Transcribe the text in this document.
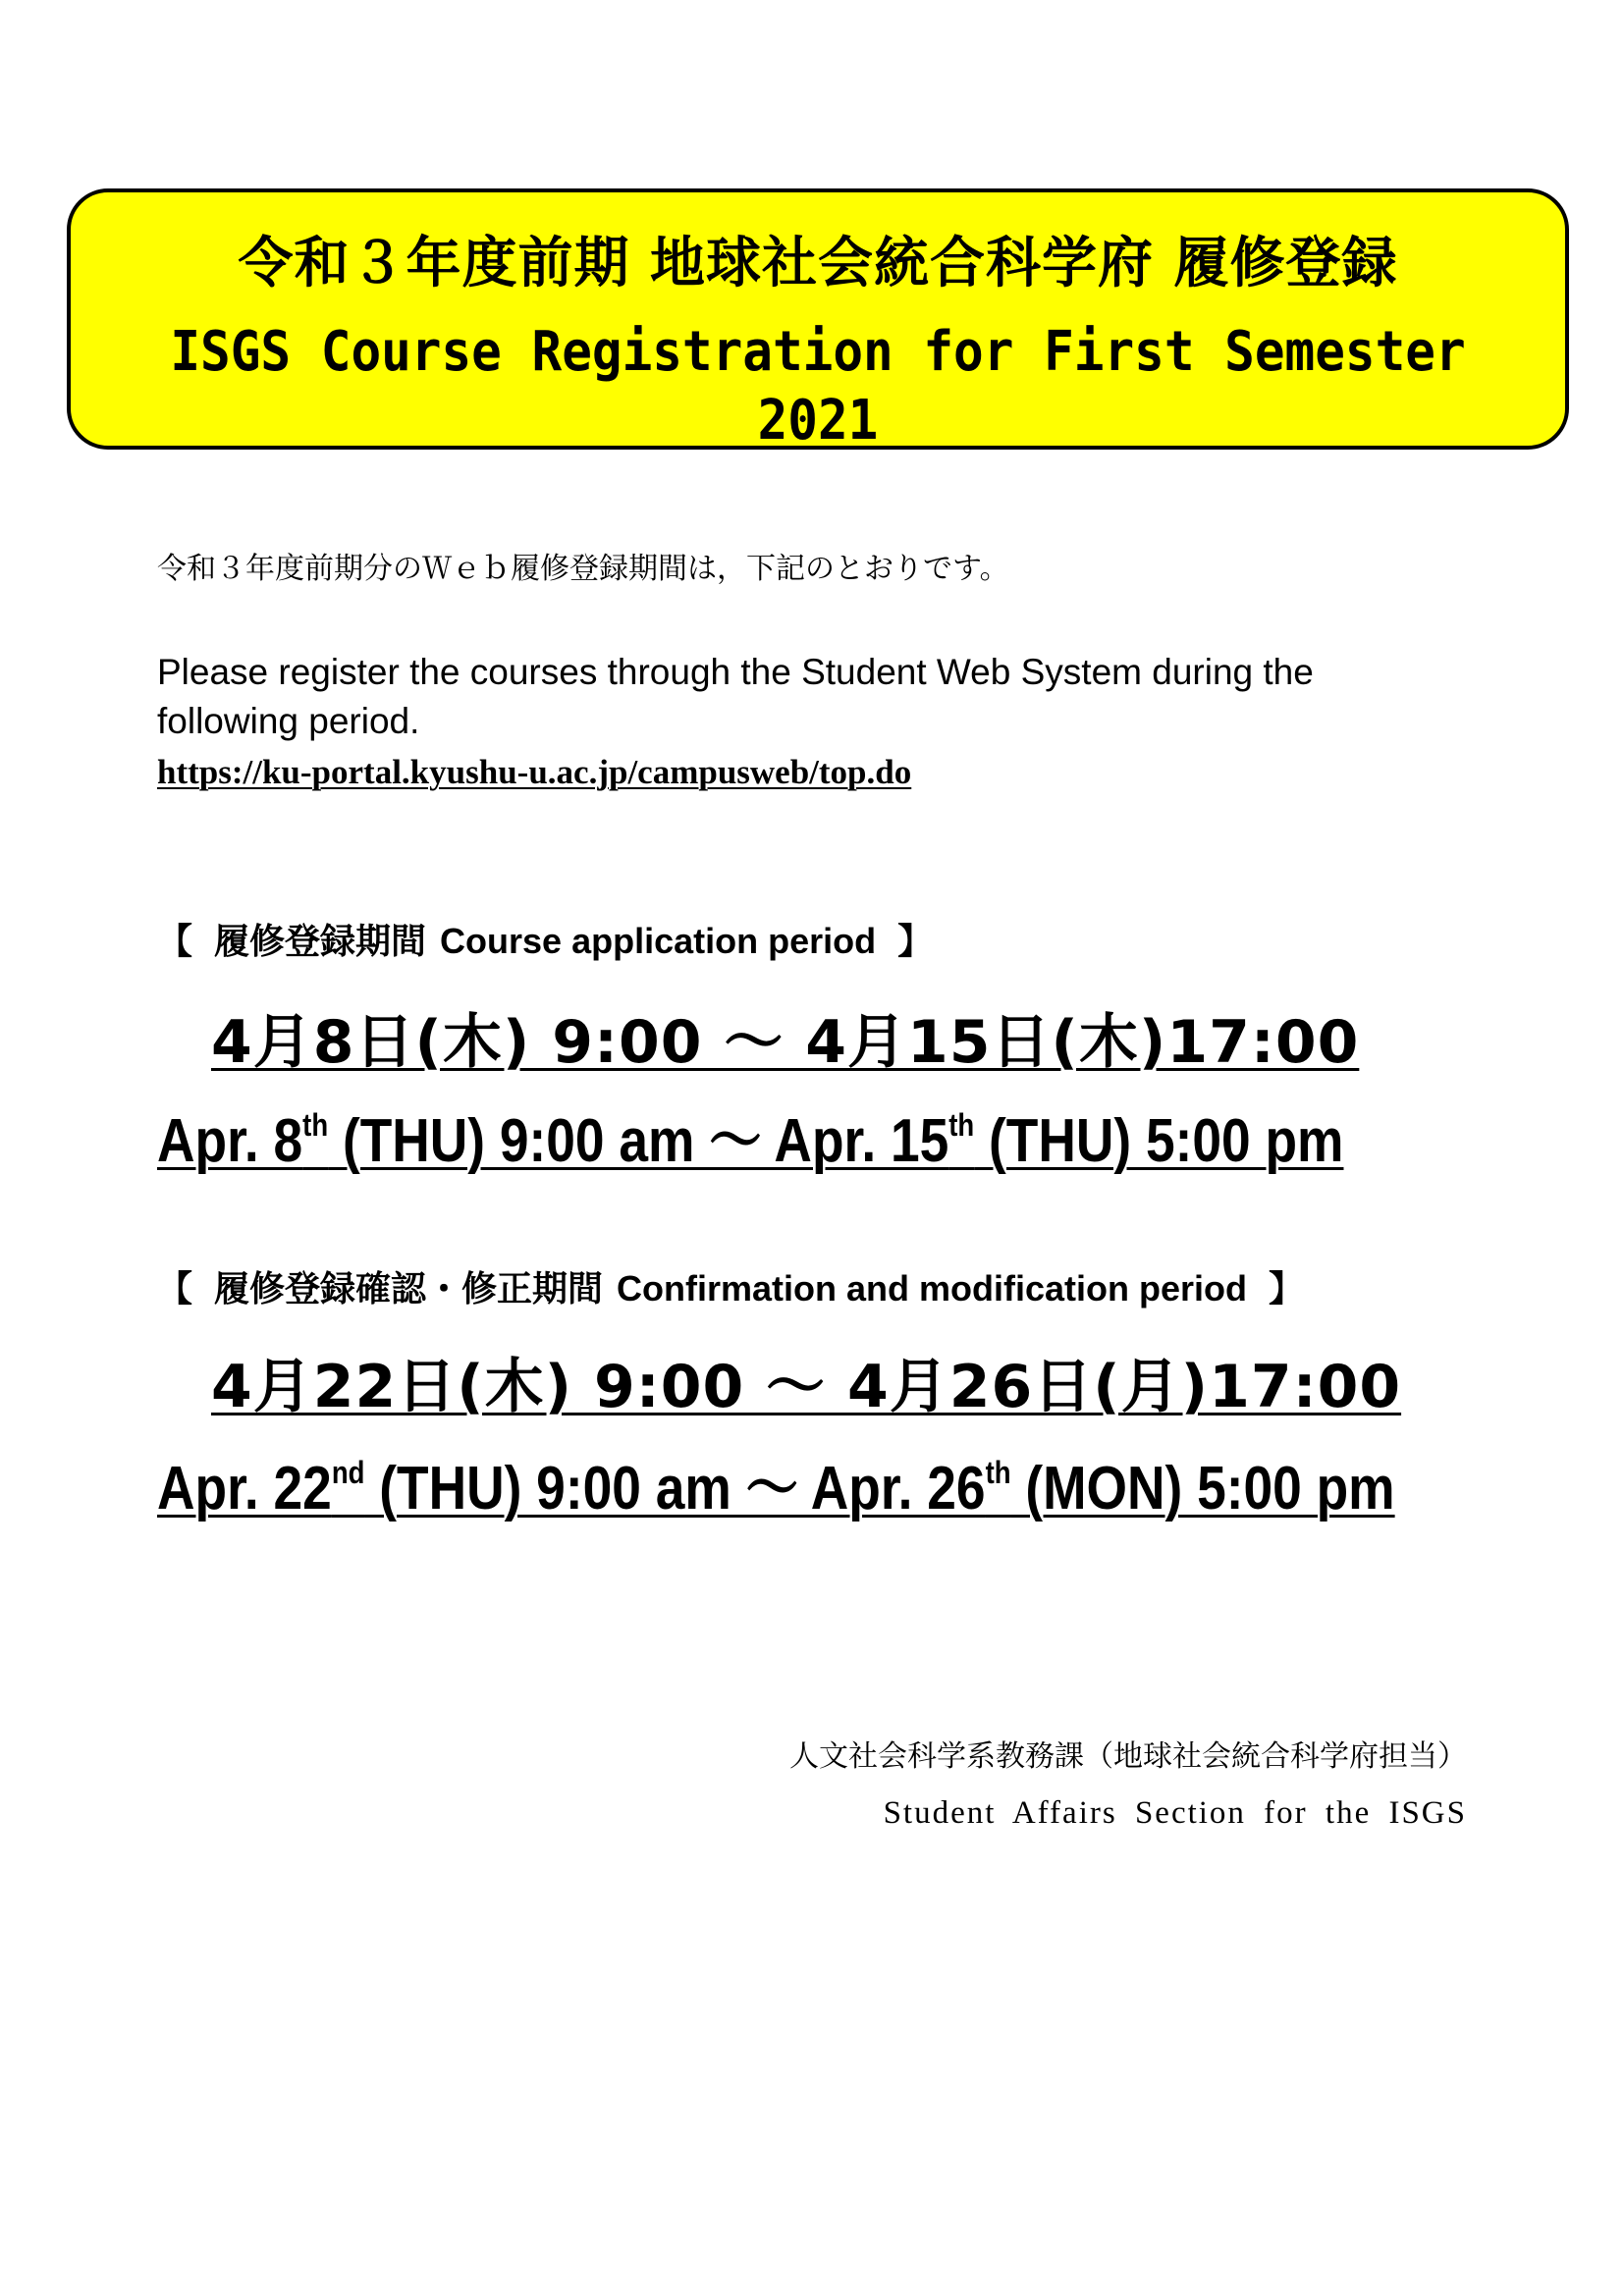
令和３年度前期 地球社会統合科学府 履修登録
ISGS Course Registration for First Semester 2021
令和３年度前期分のＷｅｂ履修登録期間は，下記のとおりです。
Please register the courses through the Student Web System during the following period.
https://ku-portal.kyushu-u.ac.jp/campusweb/top.do
【 履修登録期間 Course application period 】
4月8日(木) 9:00 ～ 4月15日(木)17:00
Apr. 8th (THU) 9:00 am ～ Apr. 15th (THU) 5:00 pm
【 履修登録確認・修正期間 Confirmation and modification period 】
4月22日(木) 9:00 ～ 4月26日(月)17:00
Apr. 22nd (THU) 9:00 am ～ Apr. 26th (MON) 5:00 pm
人文社会科学系教務課（地球社会統合科学府担当）
Student Affairs Section for the ISGS
